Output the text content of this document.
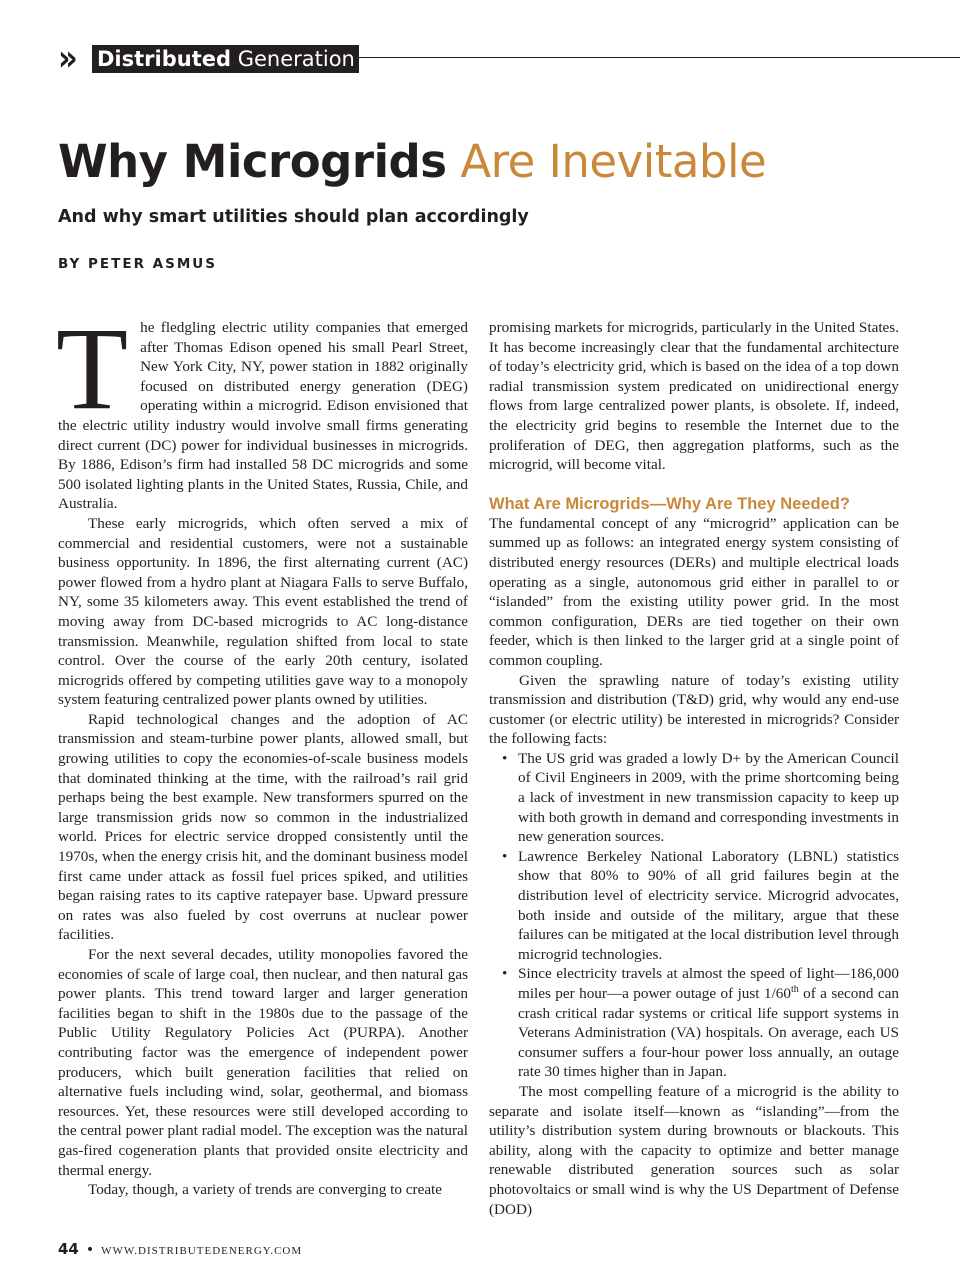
»	Distributed Generation
Why Microgrids Are Inevitable
And why smart utilities should plan accordingly
BY PETER ASMUS

The fledgling electric utility companies that emerged after Thomas Edison opened his small Pearl Street, New York City, NY, power station in 1882 originally focused on distributed energy generation (DEG) operating within a microgrid. Edison envisioned that the electric utility industry would involve small firms generating direct current (DC) power for individual businesses in microgrids. By 1886, Edison’s firm had installed 58 DC microgrids and some 500 isolated lighting plants in the United States, Russia, Chile, and Australia.

These early microgrids, which often served a mix of commercial and residential customers, were not a sustainable business opportunity. In 1896, the first alternating current (AC) power flowed from a hydro plant at Niagara Falls to serve Buffalo, NY, some 35 kilometers away. This event established the trend of moving away from DC-based microgrids to AC long-distance transmission. Meanwhile, regulation shifted from local to state control. Over the course of the early 20th century, isolated microgrids offered by competing utilities gave way to a monopoly system featuring centralized power plants owned by utilities.

Rapid technological changes and the adoption of AC transmission and steam-turbine power plants, allowed small, but growing utilities to copy the economies-of-scale business models that dominated thinking at the time, with the railroad’s rail grid perhaps being the best example. New transformers spurred on the large transmission grids now so common in the industrialized world. Prices for electric service dropped consistently until the 1970s, when the energy crisis hit, and the dominant business model first came under attack as fossil fuel prices spiked, and utilities began raising rates to its captive ratepayer base. Upward pressure on rates was also fueled by cost overruns at nuclear power facilities.

For the next several decades, utility monopolies favored the economies of scale of large coal, then nuclear, and then natural gas power plants. This trend toward larger and larger generation facilities began to shift in the 1980s due to the passage of the Public Utility Regulatory Policies Act (PURPA). Another contributing factor was the emergence of independent power producers, which built generation facilities that relied on alternative fuels including wind, solar, geothermal, and biomass resources. Yet, these resources were still developed according to the central power plant radial model. The exception was the natural gas-fired cogeneration plants that provided onsite electricity and thermal energy.

Today, though, a variety of trends are converging to create

promising markets for microgrids, particularly in the United States. It has become increasingly clear that the fundamental architecture of today’s electricity grid, which is based on the idea of a top down radial transmission system predicated on unidirectional energy flows from large centralized power plants, is obsolete. If, indeed, the electricity grid begins to resemble the Internet due to the proliferation of DEG, then aggregation platforms, such as the microgrid, will become vital.

What Are Microgrids—Why Are They Needed?

The fundamental concept of any “microgrid” application can be summed up as follows: an integrated energy system consisting of distributed energy resources (DERs) and multiple electrical loads operating as a single, autonomous grid either in parallel to or “islanded” from the existing utility power grid. In the most common configuration, DERs are tied together on their own feeder, which is then linked to the larger grid at a single point of common coupling.

Given the sprawling nature of today’s existing utility transmission and distribution (T&D) grid, why would any end-use customer (or electric utility) be interested in microgrids? Consider the following facts:

• The US grid was graded a lowly D+ by the American Council of Civil Engineers in 2009, with the prime shortcoming being a lack of investment in new transmission capacity to keep up with both growth in demand and corresponding investments in new generation sources.
• Lawrence Berkeley National Laboratory (LBNL) statistics show that 80% to 90% of all grid failures begin at the distribution level of electricity service. Microgrid advocates, both inside and outside of the military, argue that these failures can be mitigated at the local distribution level through microgrid technologies.
• Since electricity travels at almost the speed of light—186,000 miles per hour—a power outage of just 1/60th of a second can crash critical radar systems or critical life support systems in Veterans Administration (VA) hospitals. On average, each US consumer suffers a four-hour power loss annually, an outage rate 30 times higher than in Japan.

The most compelling feature of a microgrid is the ability to separate and isolate itself—known as “islanding”—from the utility’s distribution system during brownouts or blackouts. This ability, along with the capacity to optimize and better manage renewable distributed generation sources such as solar photovoltaics or small wind is why the US Department of Defense (DOD)

44 • WWW.DISTRIBUTEDENERGY.COM
